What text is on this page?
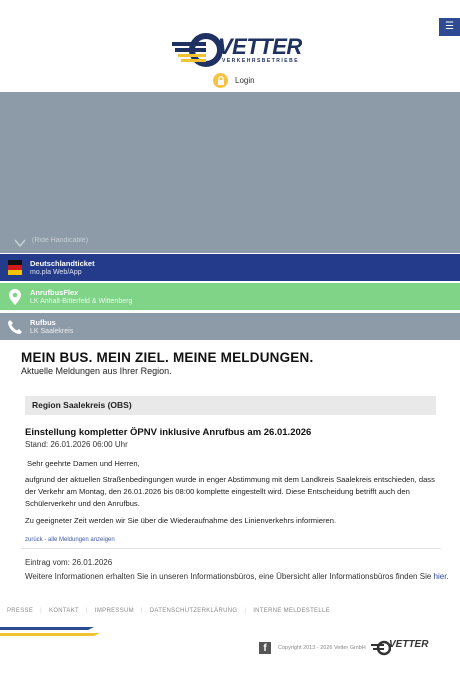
☰
VETTER
VERKEHRSBETRIEBE
Login
(Ride Handicable)
Deutschlandticket
mo.pla Web/App
AnrufbusFlex
LK Anhalt-Bitterfeld & Wittenberg
Rufbus
LK Saalekreis
MEIN BUS. MEIN ZIEL. MEINE MELDUNGEN.
Aktuelle Meldungen aus Ihrer Region.
Region Saalekreis (OBS)
Einstellung kompletter ÖPNV inklusive Anrufbus am 26.01.2026
Stand: 26.01.2026 06:00 Uhr

Sehr geehrte Damen und Herren,

aufgrund der aktuellen Straßenbedingungen wurde in enger Abstimmung mit dem Landkreis Saalekreis entschieden, dass der Verkehr am Montag, den 26.01.2026 bis 08:00 komplette eingestellt wird. Diese Entscheidung betrifft auch den Schülerverkehr und den Anrufbus.

Zu geeigneter Zeit werden wir Sie über die Wiederaufnahme des Linienverkehrs informieren.

zurück - alle Meldungen anzeigen
Eintrag vom: 26.01.2026
Weitere Informationen erhalten Sie in unseren Informationsbüros, eine Übersicht aller Informationsbüros finden Sie hier.
PRESSE	|	KONTAKT	|	IMPRESSUM	|	DATENSCHUTZERKLÄRUNG	|	INTERNE MELDESTELLE
f	Copyright 2013 - 2026 Vetter GmbH VETTER
